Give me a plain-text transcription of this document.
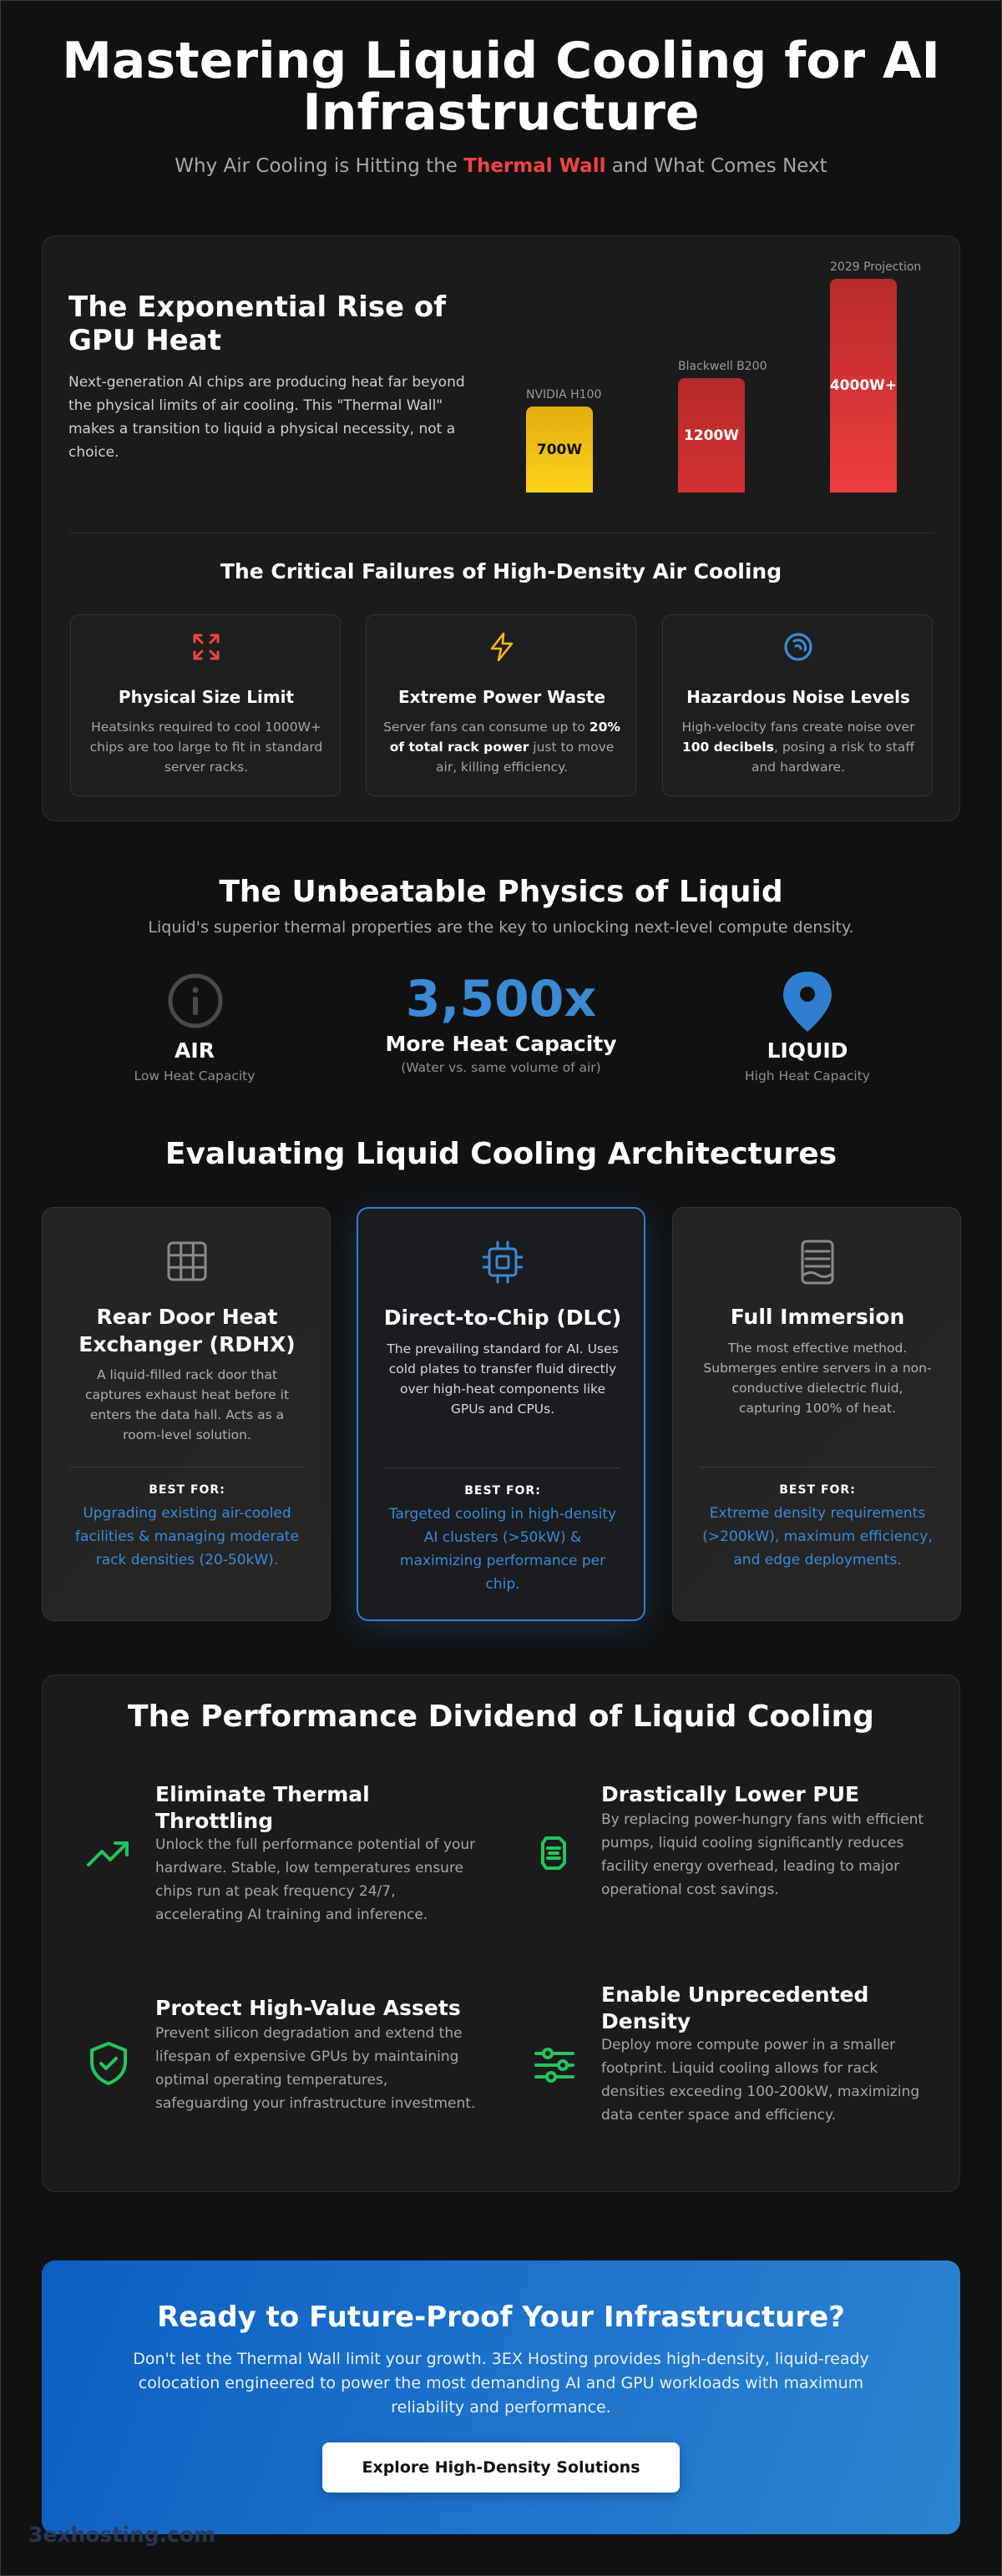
Mastering Liquid Cooling for AI Infrastructure

Why Air Cooling is Hitting the Thermal Wall and What Comes Next

The Exponential Rise of GPU Heat

Next-generation AI chips are producing heat far beyond the physical limits of air cooling. This "Thermal Wall" makes a transition to liquid a physical necessity, not a choice.	700W
NVIDIA H100
1200W
Blackwell B200
4000W+
2029 Projection
The Critical Failures of High-Density Air Cooling
Physical Size Limit
Heatsinks required to cool 1000W+ chips are too large to fit in standard server racks.
Extreme Power Waste
Server fans can consume up to 20% of total rack power just to move air, killing efficiency.
Hazardous Noise Levels
High-velocity fans create noise over 100 decibels, posing a risk to staff and hardware.
The Unbeatable Physics of Liquid

Liquid's superior thermal properties are the key to unlocking next-level compute density.

AIR
Low Heat Capacity
3,500x
More Heat Capacity
(Water vs. same volume of air)
LIQUID
High Heat Capacity
Evaluating Liquid Cooling Architectures
Rear Door Heat Exchanger (RDHX)
A liquid-filled rack door that captures exhaust heat before it enters the data hall. Acts as a room-level solution.
BEST FOR:
Upgrading existing air-cooled facilities & managing moderate rack densities (20-50kW).
Direct-to-Chip (DLC)
The prevailing standard for AI. Uses cold plates to transfer fluid directly over high-heat components like GPUs and CPUs.
BEST FOR:
Targeted cooling in high-density AI clusters (>50kW) & maximizing performance per chip.
Full Immersion
The most effective method. Submerges entire servers in a non-conductive dielectric fluid, capturing 100% of heat.
BEST FOR:
Extreme density requirements (>200kW), maximum efficiency, and edge deployments.
The Performance Dividend of Liquid Cooling
Eliminate Thermal Throttling
Unlock the full performance potential of your hardware. Stable, low temperatures ensure chips run at peak frequency 24/7, accelerating AI training and inference.
Drastically Lower PUE
By replacing power-hungry fans with efficient pumps, liquid cooling significantly reduces facility energy overhead, leading to major operational cost savings.
Protect High-Value Assets
Prevent silicon degradation and extend the lifespan of expensive GPUs by maintaining optimal operating temperatures, safeguarding your infrastructure investment.
Enable Unprecedented Density
Deploy more compute power in a smaller footprint. Liquid cooling allows for rack densities exceeding 100-200kW, maximizing data center space and efficiency.
Ready to Future-Proof Your Infrastructure?

Don't let the Thermal Wall limit your growth. 3EX Hosting provides high-density, liquid-ready colocation engineered to power the most demanding AI and GPU workloads with maximum reliability and performance.

Explore High-Density Solutions
3exhosting.com
